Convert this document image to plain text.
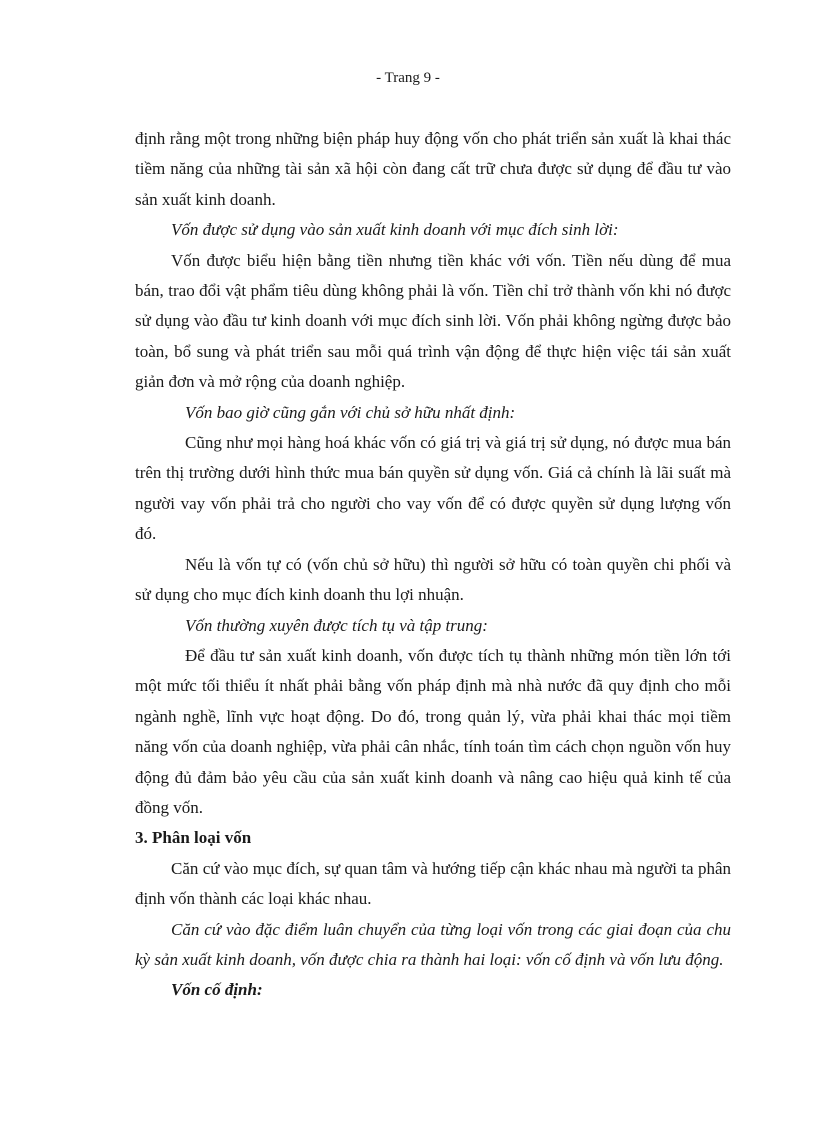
- Trang 9 -

định rằng một trong những biện pháp huy động vốn cho phát triển sản xuất là khai thác tiềm năng của những tài sản xã hội còn đang cất trữ chưa được sử dụng để đầu tư vào sản xuất kinh doanh.

Vốn được sử dụng vào sản xuất kinh doanh với mục đích sinh lời:

Vốn được biểu hiện bằng tiền nhưng tiền khác với vốn. Tiền nếu dùng để mua bán, trao đổi vật phẩm tiêu dùng không phải là vốn. Tiền chỉ trở thành vốn khi nó được sử dụng vào đầu tư kinh doanh với mục đích sinh lời. Vốn phải không ngừng được bảo toàn, bổ sung và phát triển sau mỗi quá trình vận động để thực hiện việc tái sản xuất giản đơn và mở rộng của doanh nghiệp.

Vốn bao giờ cũng gắn với chủ sở hữu nhất định:

Cũng như mọi hàng hoá khác vốn có giá trị và giá trị sử dụng, nó được mua bán trên thị trường dưới hình thức mua bán quyền sử dụng vốn. Giá cả chính là lãi suất mà người vay vốn phải trả cho người cho vay vốn để có được quyền sử dụng lượng vốn đó.

Nếu là vốn tự có (vốn chủ sở hữu) thì người sở hữu có toàn quyền chi phối và sử dụng cho mục đích kinh doanh thu lợi nhuận.

Vốn thường xuyên được tích tụ và tập trung:

Để đầu tư sản xuất kinh doanh, vốn được tích tụ thành những món tiền lớn tới một mức tối thiểu ít nhất phải bằng vốn pháp định mà nhà nước đã quy định cho mỗi ngành nghề, lĩnh vực hoạt động. Do đó, trong quản lý, vừa phải khai thác mọi tiềm năng vốn của doanh nghiệp, vừa phải cân nhắc, tính toán tìm cách chọn nguồn vốn huy động đủ đảm bảo yêu cầu của sản xuất kinh doanh và nâng cao hiệu quả kinh tế của đồng vốn.

3. Phân loại vốn

Căn cứ vào mục đích, sự quan tâm và hướng tiếp cận khác nhau mà người ta phân định vốn thành các loại khác nhau.

Căn cứ vào đặc điểm luân chuyển của từng loại vốn trong các giai đoạn của chu kỳ sản xuất kinh doanh, vốn được chia ra thành hai loại: vốn cố định và vốn lưu động.

Vốn cố định:
